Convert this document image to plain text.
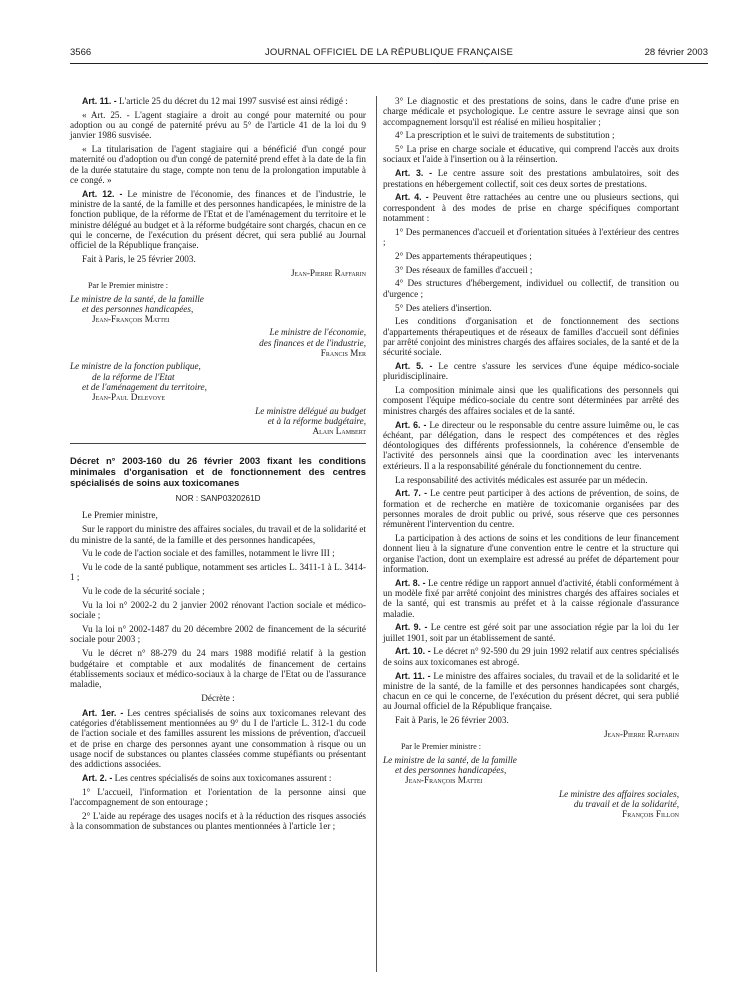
3566	JOURNAL OFFICIEL DE LA RÉPUBLIQUE FRANÇAISE	28 février 2003

Art. 11. - L'article 25 du décret du 12 mai 1997 susvisé est ainsi rédigé :

« Art. 25. - L'agent stagiaire a droit au congé pour maternité ou pour adoption ou au congé de paternité prévu au 5° de l'article 41 de la loi du 9 janvier 1986 susvisée.

« La titularisation de l'agent stagiaire qui a bénéficié d'un congé pour maternité ou d'adoption ou d'un congé de paternité prend effet à la date de la fin de la durée statutaire du stage, compte non tenu de la prolongation imputable à ce congé. »

Art. 12. - Le ministre de l'économie, des finances et de l'industrie, le ministre de la santé, de la famille et des personnes handicapées, le ministre de la fonction publique, de la réforme de l'Etat et de l'aménagement du territoire et le ministre délégué au budget et à la réforme budgétaire sont chargés, chacun en ce qui le concerne, de l'exécution du présent décret, qui sera publié au Journal officiel de la République française.

Fait à Paris, le 25 février 2003.

Jean-Pierre Raffarin
Par le Premier ministre :
Le ministre de la santé, de la famille
et des personnes handicapées,
Jean-François Mattei
Le ministre de l'économie,
des finances et de l'industrie,
Francis Mer
Le ministre de la fonction publique,
de la réforme de l'Etat
et de l'aménagement du territoire,
Jean-Paul Delevoye
Le ministre délégué au budget
et à la réforme budgétaire,
Alain Lambert
Décret n° 2003-160 du 26 février 2003 fixant les conditions minimales d'organisation et de fonctionnement des centres spécialisés de soins aux toxicomanes
NOR : SANP0320261D

Le Premier ministre,

Sur le rapport du ministre des affaires sociales, du travail et de la solidarité et du ministre de la santé, de la famille et des personnes handicapées,

Vu le code de l'action sociale et des familles, notamment le livre III ;

Vu le code de la santé publique, notamment ses articles L. 3411-1 à L. 3414-1 ;

Vu le code de la sécurité sociale ;

Vu la loi n° 2002-2 du 2 janvier 2002 rénovant l'action sociale et médico-sociale ;

Vu la loi n° 2002-1487 du 20 décembre 2002 de financement de la sécurité sociale pour 2003 ;

Vu le décret n° 88-279 du 24 mars 1988 modifié relatif à la gestion budgétaire et comptable et aux modalités de financement de certains établissements sociaux et médico-sociaux à la charge de l'Etat ou de l'assurance maladie,

Décrète :

Art. 1er. - Les centres spécialisés de soins aux toxicomanes relevant des catégories d'établissement mentionnées au 9° du I de l'article L. 312-1 du code de l'action sociale et des familles assurent les missions de prévention, d'accueil et de prise en charge des personnes ayant une consommation à risque ou un usage nocif de substances ou plantes classées comme stupéfiants ou présentant des addictions associées.

Art. 2. - Les centres spécialisés de soins aux toxicomanes assurent :

1° L'accueil, l'information et l'orientation de la personne ainsi que l'accompagnement de son entourage ;

2° L'aide au repérage des usages nocifs et à la réduction des risques associés à la consommation de substances ou plantes mentionnées à l'article 1er ;

3° Le diagnostic et des prestations de soins, dans le cadre d'une prise en charge médicale et psychologique. Le centre assure le sevrage ainsi que son accompagnement lorsqu'il est réalisé en milieu hospitalier ;

4° La prescription et le suivi de traitements de substitution ;

5° La prise en charge sociale et éducative, qui comprend l'accès aux droits sociaux et l'aide à l'insertion ou à la réinsertion.

Art. 3. - Le centre assure soit des prestations ambulatoires, soit des prestations en hébergement collectif, soit ces deux sortes de prestations.

Art. 4. - Peuvent être rattachées au centre une ou plusieurs sections, qui correspondent à des modes de prise en charge spécifiques comportant notamment :

1° Des permanences d'accueil et d'orientation situées à l'extérieur des centres ;

2° Des appartements thérapeutiques ;

3° Des réseaux de familles d'accueil ;

4° Des structures d'hébergement, individuel ou collectif, de transition ou d'urgence ;

5° Des ateliers d'insertion.

Les conditions d'organisation et de fonctionnement des sections d'appartements thérapeutiques et de réseaux de familles d'accueil sont définies par arrêté conjoint des ministres chargés des affaires sociales, de la santé et de la sécurité sociale.

Art. 5. - Le centre s'assure les services d'une équipe médico-sociale pluridisciplinaire.

La composition minimale ainsi que les qualifications des personnels qui composent l'équipe médico-sociale du centre sont déterminées par arrêté des ministres chargés des affaires sociales et de la santé.

Art. 6. - Le directeur ou le responsable du centre assure luimême ou, le cas échéant, par délégation, dans le respect des compétences et des règles déontologiques des différents professionnels, la cohérence d'ensemble de l'activité des personnels ainsi que la coordination avec les intervenants extérieurs. Il a la responsabilité générale du fonctionnement du centre.

La responsabilité des activités médicales est assurée par un médecin.

Art. 7. - Le centre peut participer à des actions de prévention, de soins, de formation et de recherche en matière de toxicomanie organisées par des personnes morales de droit public ou privé, sous réserve que ces personnes rémunèrent l'intervention du centre.

La participation à des actions de soins et les conditions de leur financement donnent lieu à la signature d'une convention entre le centre et la structure qui organise l'action, dont un exemplaire est adressé au préfet de département pour information.

Art. 8. - Le centre rédige un rapport annuel d'activité, établi conformément à un modèle fixé par arrêté conjoint des ministres chargés des affaires sociales et de la santé, qui est transmis au préfet et à la caisse régionale d'assurance maladie.

Art. 9. - Le centre est géré soit par une association régie par la loi du 1er juillet 1901, soit par un établissement de santé.

Art. 10. - Le décret n° 92-590 du 29 juin 1992 relatif aux centres spécialisés de soins aux toxicomanes est abrogé.

Art. 11. - Le ministre des affaires sociales, du travail et de la solidarité et le ministre de la santé, de la famille et des personnes handicapées sont chargés, chacun en ce qui le concerne, de l'exécution du présent décret, qui sera publié au Journal officiel de la République française.

Fait à Paris, le 26 février 2003.

Jean-Pierre Raffarin
Par le Premier ministre :
Le ministre de la santé, de la famille
et des personnes handicapées,
Jean-François Mattei
Le ministre des affaires sociales,
du travail et de la solidarité,
François Fillon
